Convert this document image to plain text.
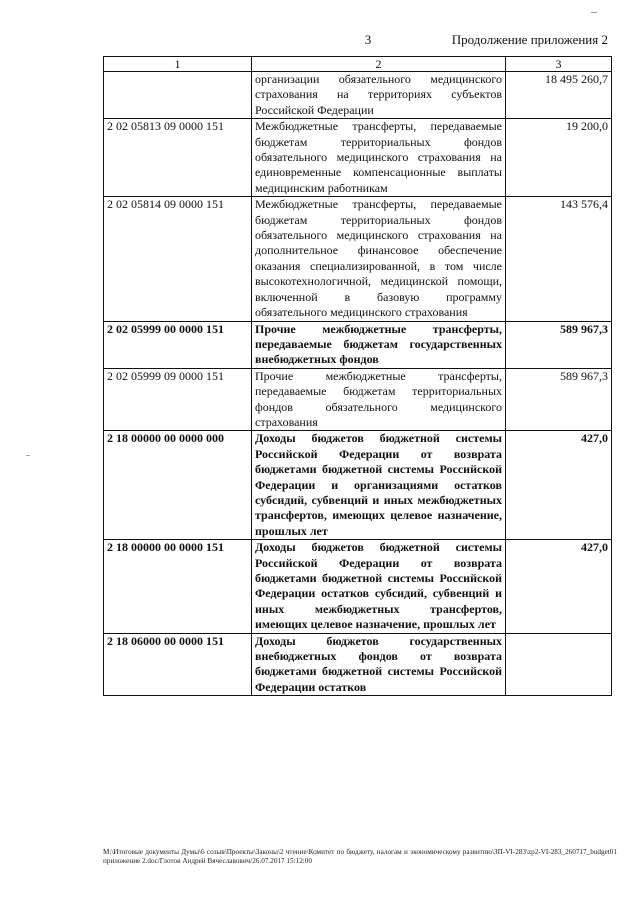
3	Продолжение приложения 2
1	2	3
	организации обязательного медицинского страхования на территориях субъектов Российской Федерации	18 495 260,7
2 02 05813 09 0000 151	Межбюджетные трансферты, передаваемые бюджетам территориальных фондов обязательного медицинского страхования на единовременные компенсационные выплаты медицинским работникам	19 200,0
2 02 05814 09 0000 151	Межбюджетные трансферты, передаваемые бюджетам территориальных фондов обязательного медицинского страхования на дополнительное финансовое обеспечение оказания специализированной, в том числе высокотехнологичной, медицинской помощи, включенной в базовую программу обязательного медицинского страхования	143 576,4
2 02 05999 00 0000 151	Прочие межбюджетные трансферты, передаваемые бюджетам государственных внебюджетных фондов	589 967,3
2 02 05999 09 0000 151	Прочие межбюджетные трансферты, передаваемые бюджетам территориальных фондов обязательного медицинского страхования	589 967,3
2 18 00000 00 0000 000	Доходы бюджетов бюджетной системы Российской Федерации от возврата бюджетами бюджетной системы Российской Федерации и организациями остатков субсидий, субвенций и иных межбюджетных трансфертов, имеющих целевое назначение, прошлых лет	427,0
2 18 00000 00 0000 151	Доходы бюджетов бюджетной системы Российской Федерации от возврата бюджетами бюджетной системы Российской Федерации остатков субсидий, субвенций и иных межбюджетных трансфертов, имеющих целевое назначение, прошлых лет	427,0
2 18 06000 00 0000 151	Доходы бюджетов государственных внебюджетных фондов от возврата бюджетами бюджетной системы Российской Федерации остатков	
M:\Итоговые документы Думы\6 созыв\Проекты\Законы\2 чтение\Комитет по бюджету, налогам и экономическому развитию\ЗП-VI-283\zp2-VI-283_260717_budget01 приложение 2.doc/Глотов Андрей Вячеславович/26.07.2017 15:12:00
